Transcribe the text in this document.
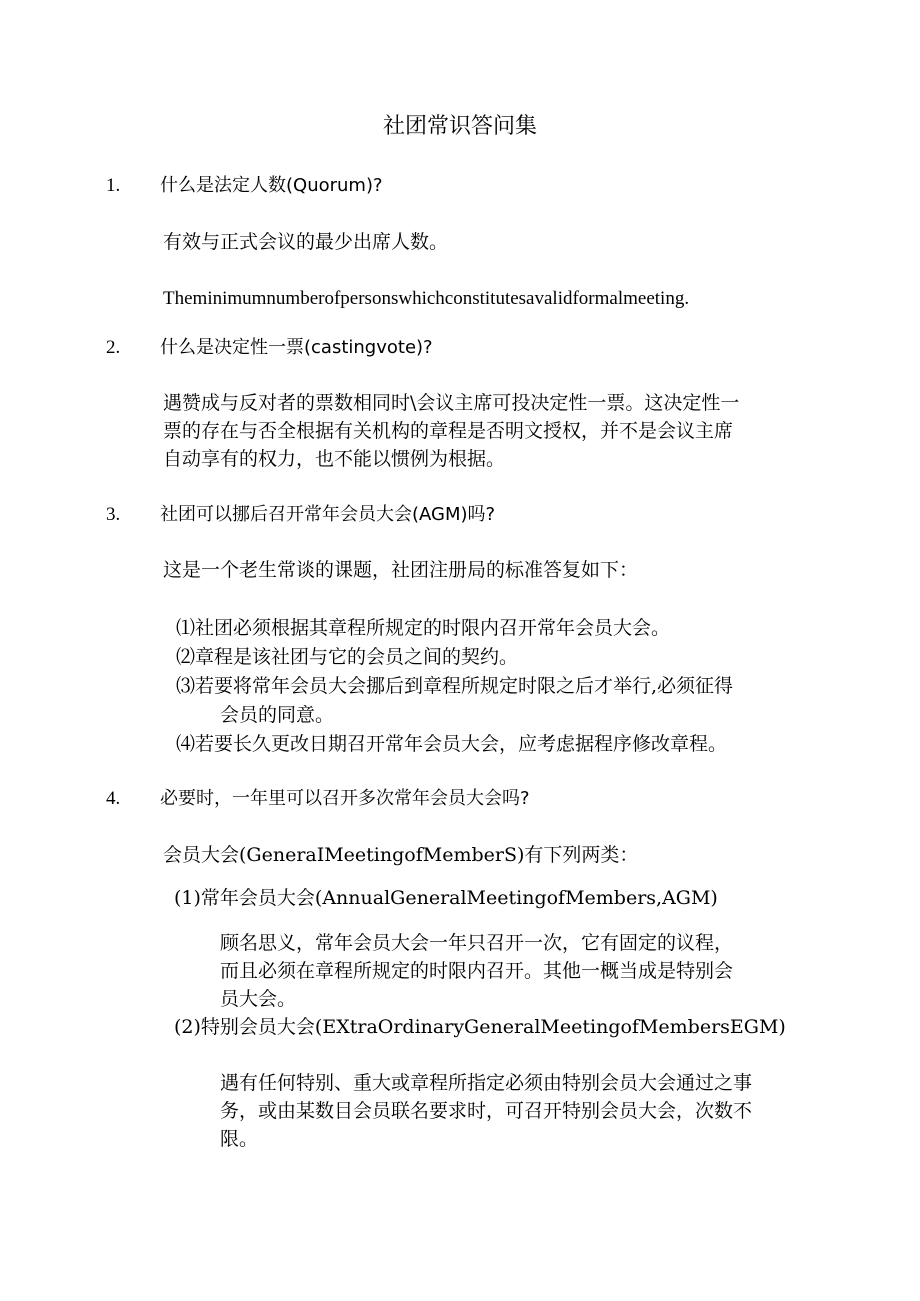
社团常识答问集
1. 什么是法定人数(Quorum)?
有效与正式会议的最少出席人数。
Theminimumnumberofpersonswhichconstitutesavalidformalmeeting.
2. 什么是决定性一票(castingvote)?
遇赞成与反对者的票数相同时\会议主席可投决定性一票。这决定性一
票的存在与否全根据有关机构的章程是否明文授权，并不是会议主席
自动享有的权力，也不能以惯例为根据。
3. 社团可以挪后召开常年会员大会(AGM)吗?
这是一个老生常谈的课题，社团注册局的标准答复如下：
⑴社团必须根据其章程所规定的时限内召开常年会员大会。
⑵章程是该社团与它的会员之间的契约。
⑶若要将常年会员大会挪后到章程所规定时限之后才举行,必须征得
会员的同意。
⑷若要长久更改日期召开常年会员大会，应考虑据程序修改章程。
4. 必要时，一年里可以召开多次常年会员大会吗?
会员大会(GeneraIMeetingofMemberS)有下列两类：
(1)常年会员大会(AnnualGeneralMeetingofMembers,AGM)
顾名思义，常年会员大会一年只召开一次，它有固定的议程，
而且必须在章程所规定的时限内召开。其他一概当成是特别会
员大会。
(2)特别会员大会(EXtraOrdinaryGeneralMeetingofMembersEGM)
遇有任何特别、重大或章程所指定必须由特别会员大会通过之事
务，或由某数目会员联名要求时，可召开特别会员大会，次数不
限。
